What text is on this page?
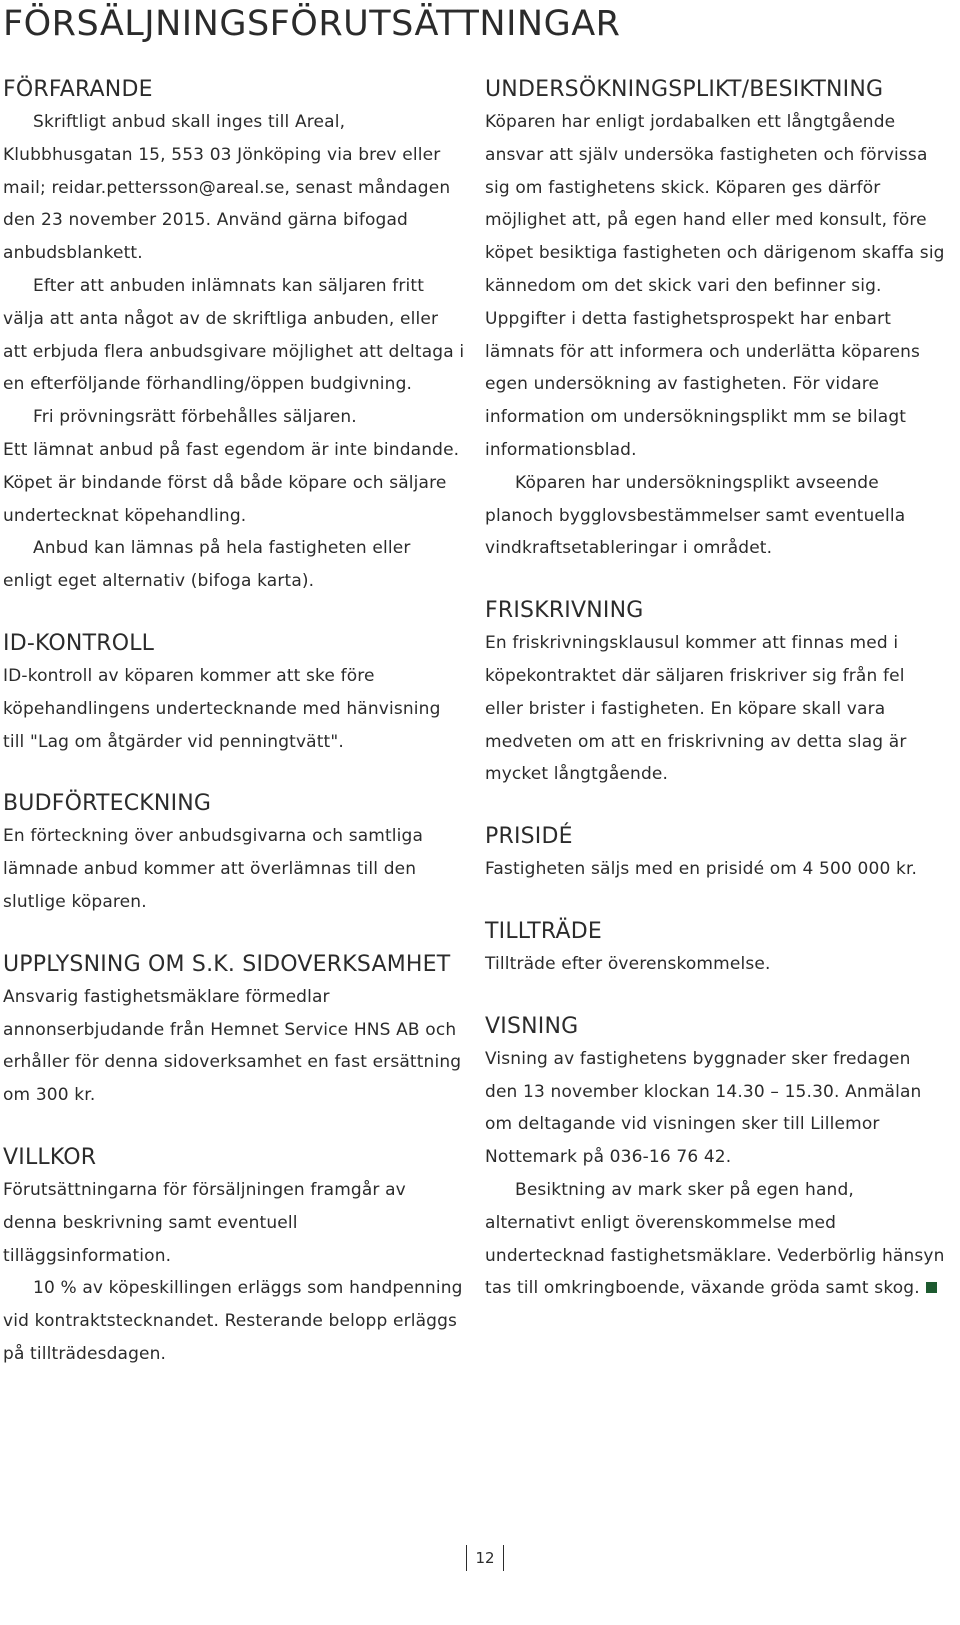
FÖRSÄLJNINGSFÖRUTSÄTTNINGAR
FÖRFARANDE

Skriftligt anbud skall inges till Areal, Klubbhusgatan 15, 553 03 Jönköping via brev eller mail; reidar.pettersson@areal.se, senast måndagen den 23 november 2015. Använd gärna bifogad anbudsblankett.

Efter att anbuden inlämnats kan säljaren fritt välja att anta något av de skriftliga anbuden, eller att erbjuda flera anbudsgivare möjlighet att deltaga i en efterföljande förhandling/öppen budgivning.

Fri prövningsrätt förbehålles säljaren.

Ett lämnat anbud på fast egendom är inte bindande. Köpet är bindande först då både köpare och säljare undertecknat köpehandling.

Anbud kan lämnas på hela fastigheten eller enligt eget alternativ (bifoga karta).

ID-KONTROLL

ID-kontroll av köparen kommer att ske före köpehandlingens undertecknande med hänvisning till "Lag om åtgärder vid penningtvätt".

BUDFÖRTECKNING

En förteckning över anbudsgivarna och samtliga lämnade anbud kommer att överlämnas till den slutlige köparen.

UPPLYSNING OM S.K. SIDOVERKSAMHET

Ansvarig fastighetsmäklare förmedlar annonserbjudande från Hemnet Service HNS AB och erhåller för denna sidoverksamhet en fast ersättning om 300 kr.

VILLKOR

Förutsättningarna för försäljningen framgår av denna beskrivning samt eventuell tilläggsinformation.

10 % av köpeskillingen erläggs som handpenning vid kontraktstecknandet. Resterande belopp erläggs på tillträdesdagen.

UNDERSÖKNINGSPLIKT/BESIKTNING

Köparen har enligt jordabalken ett långtgående ansvar att själv undersöka fastigheten och förvissa sig om fastighetens skick. Köparen ges därför möjlighet att, på egen hand eller med konsult, före köpet besiktiga fastigheten och därigenom skaffa sig kännedom om det skick vari den befinner sig. Uppgifter i detta fastighetsprospekt har enbart lämnats för att informera och underlätta köparens egen undersökning av fastigheten. För vidare information om undersökningsplikt mm se bilagt informationsblad.

Köparen har undersökningsplikt avseende planoch bygglovsbestämmelser samt eventuella vindkraftsetableringar i området.

FRISKRIVNING

En friskrivningsklausul kommer att finnas med i köpekontraktet där säljaren friskriver sig från fel eller brister i fastigheten. En köpare skall vara medveten om att en friskrivning av detta slag är mycket långtgående.

PRISIDÉ

Fastigheten säljs med en prisidé om 4 500 000 kr.

TILLTRÄDE

Tillträde efter överenskommelse.

VISNING

Visning av fastighetens byggnader sker fredagen den 13 november klockan 14.30 – 15.30. Anmälan om deltagande vid visningen sker till Lillemor Nottemark på 036-16 76 42.

Besiktning av mark sker på egen hand, alternativt enligt överenskommelse med undertecknad fastighetsmäklare. Vederbörlig hänsyn tas till omkringboende, växande gröda samt skog.

12
